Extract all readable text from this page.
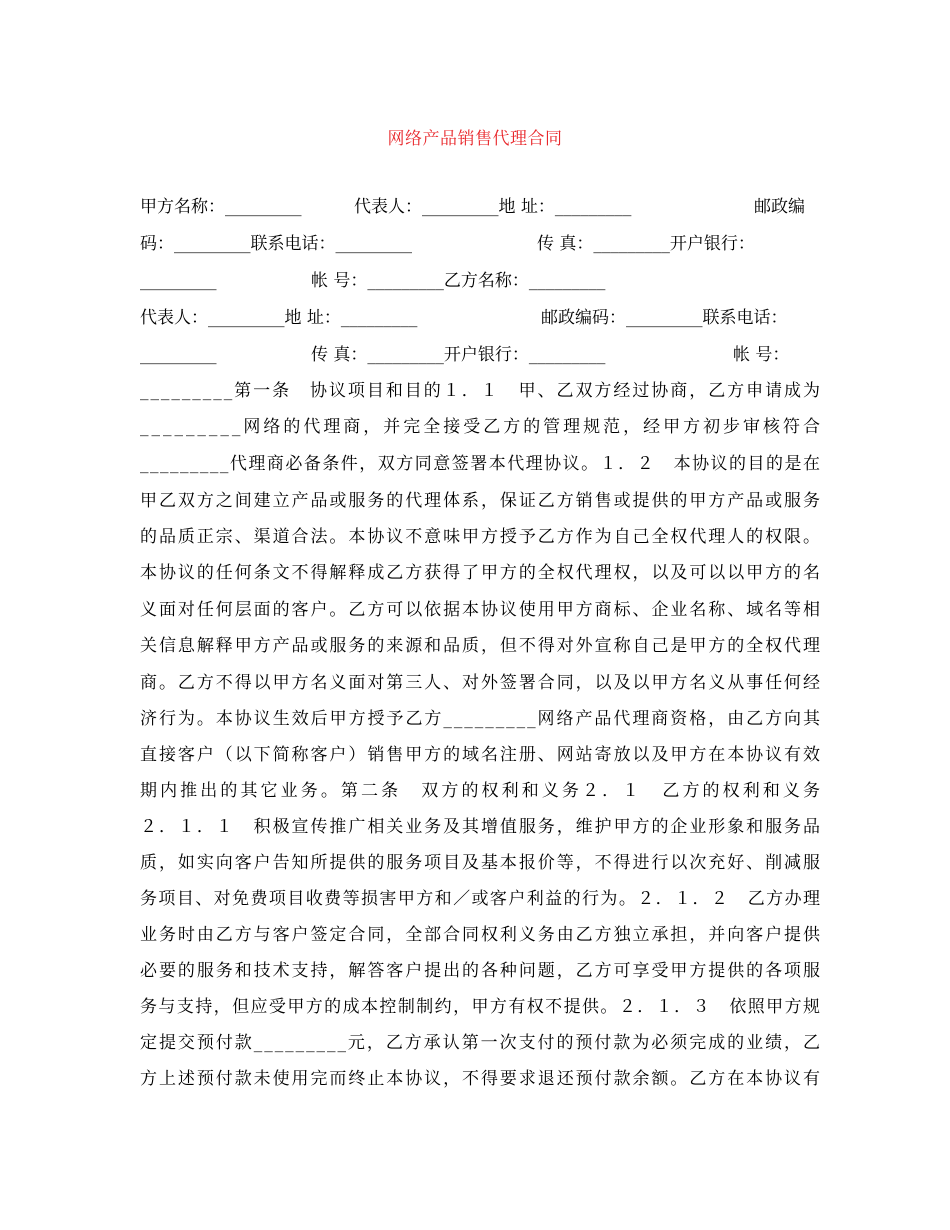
网络产品销售代理合同

甲方名称：_________

	代表人：_________地 址：_________

	邮政编

码：_________联系电话：_________

	传 真：_________开户银行：

_________

	帐 号：_________乙方名称：_________

代表人：_________地 址：_________

	邮政编码：_________联系电话：

_________

	传 真：_________开户银行：_________

	帐 号：

_________第一条　协议项目和目的１．１　甲、乙双方经过协商，乙方申请成为
_________网络的代理商，并完全接受乙方的管理规范，经甲方初步审核符合
_________代理商必备条件，双方同意签署本代理协议。１．２　本协议的目的是在
甲乙双方之间建立产品或服务的代理体系，保证乙方销售或提供的甲方产品或服务
的品质正宗、渠道合法。本协议不意味甲方授予乙方作为自己全权代理人的权限。
本协议的任何条文不得解释成乙方获得了甲方的全权代理权，以及可以以甲方的名
义面对任何层面的客户。乙方可以依据本协议使用甲方商标、企业名称、域名等相
关信息解释甲方产品或服务的来源和品质，但不得对外宣称自己是甲方的全权代理
商。乙方不得以甲方名义面对第三人、对外签署合同，以及以甲方名义从事任何经
济行为。本协议生效后甲方授予乙方_________网络产品代理商资格，由乙方向其
直接客户（以下简称客户）销售甲方的域名注册、网站寄放以及甲方在本协议有效
期内推出的其它业务。第二条　双方的权利和义务２．１　乙方的权利和义务
２．１．１　积极宣传推广相关业务及其增值服务，维护甲方的企业形象和服务品
质，如实向客户告知所提供的服务项目及基本报价等，不得进行以次充好、削减服
务项目、对免费项目收费等损害甲方和／或客户利益的行为。２．１．２　乙方办理
业务时由乙方与客户签定合同，全部合同权利义务由乙方独立承担，并向客户提供
必要的服务和技术支持，解答客户提出的各种问题，乙方可享受甲方提供的各项服
务与支持，但应受甲方的成本控制制约，甲方有权不提供。２．１．３　依照甲方规
定提交预付款_________元，乙方承认第一次支付的预付款为必须完成的业绩，乙
方上述预付款未使用完而终止本协议，不得要求退还预付款余额。乙方在本协议有
